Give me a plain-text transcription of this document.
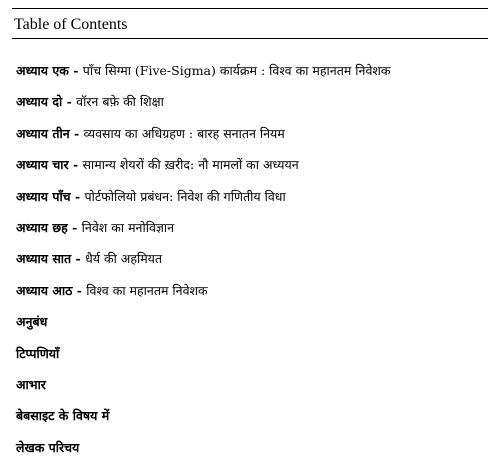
Table of Contents
अध्याय एक - पाँच सिग्मा (Five-Sigma) कार्यक्रम : विश्व का महानतम निवेशक
अध्याय दो - वॉरन बफ़े की शिक्षा
अध्याय तीन - व्यवसाय का अधिग्रहण : बारह सनातन नियम
अध्याय चार - सामान्य शेयरों की ख़रीद: नौ मामलों का अध्ययन
अध्याय पाँच - पोर्टफोलियो प्रबंधन: निवेश की गणितीय विधा
अध्याय छह - निवेश का मनोविज्ञान
अध्याय सात - धैर्य की अहमियत
अध्याय आठ - विश्व का महानतम निवेशक
अनुबंध
टिप्पणियाँ
आभार
बेबसाइट के विषय में
लेखक परिचय
